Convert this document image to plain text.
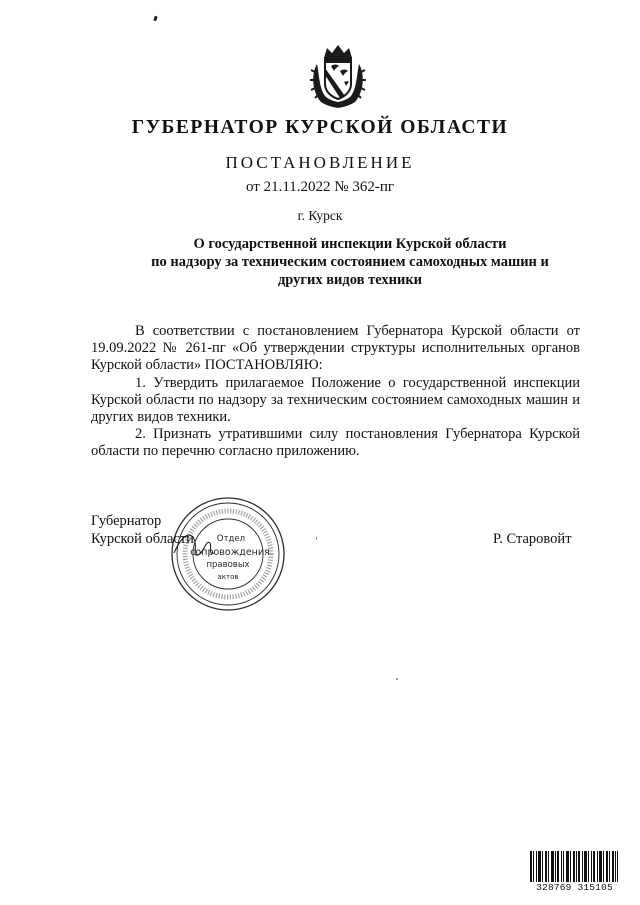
ГУБЕРНАТОР КУРСКОЙ ОБЛАСТИ
ПОСТАНОВЛЕНИЕ
от 21.11.2022 № 362-пг
г. Курск
О государственной инспекции Курской области
по надзору за техническим состоянием самоходных машин и
других видов техники

В соответствии с постановлением Губернатора Курской области от 19.09.2022 № 261-пг «Об утверждении структуры исполнительных органов Курской области» ПОСТАНОВЛЯЮ:

1. Утвердить прилагаемое Положение о государственной инспекции Курской области по надзору за техническим состоянием самоходных машин и других видов техники.

2. Признать утратившими силу постановления Губернатора Курской области по перечню согласно приложению.

Отдел
сопровождения
правовых
актов
Губернатор
Курской области	Р. Старовойт
328769 315105
